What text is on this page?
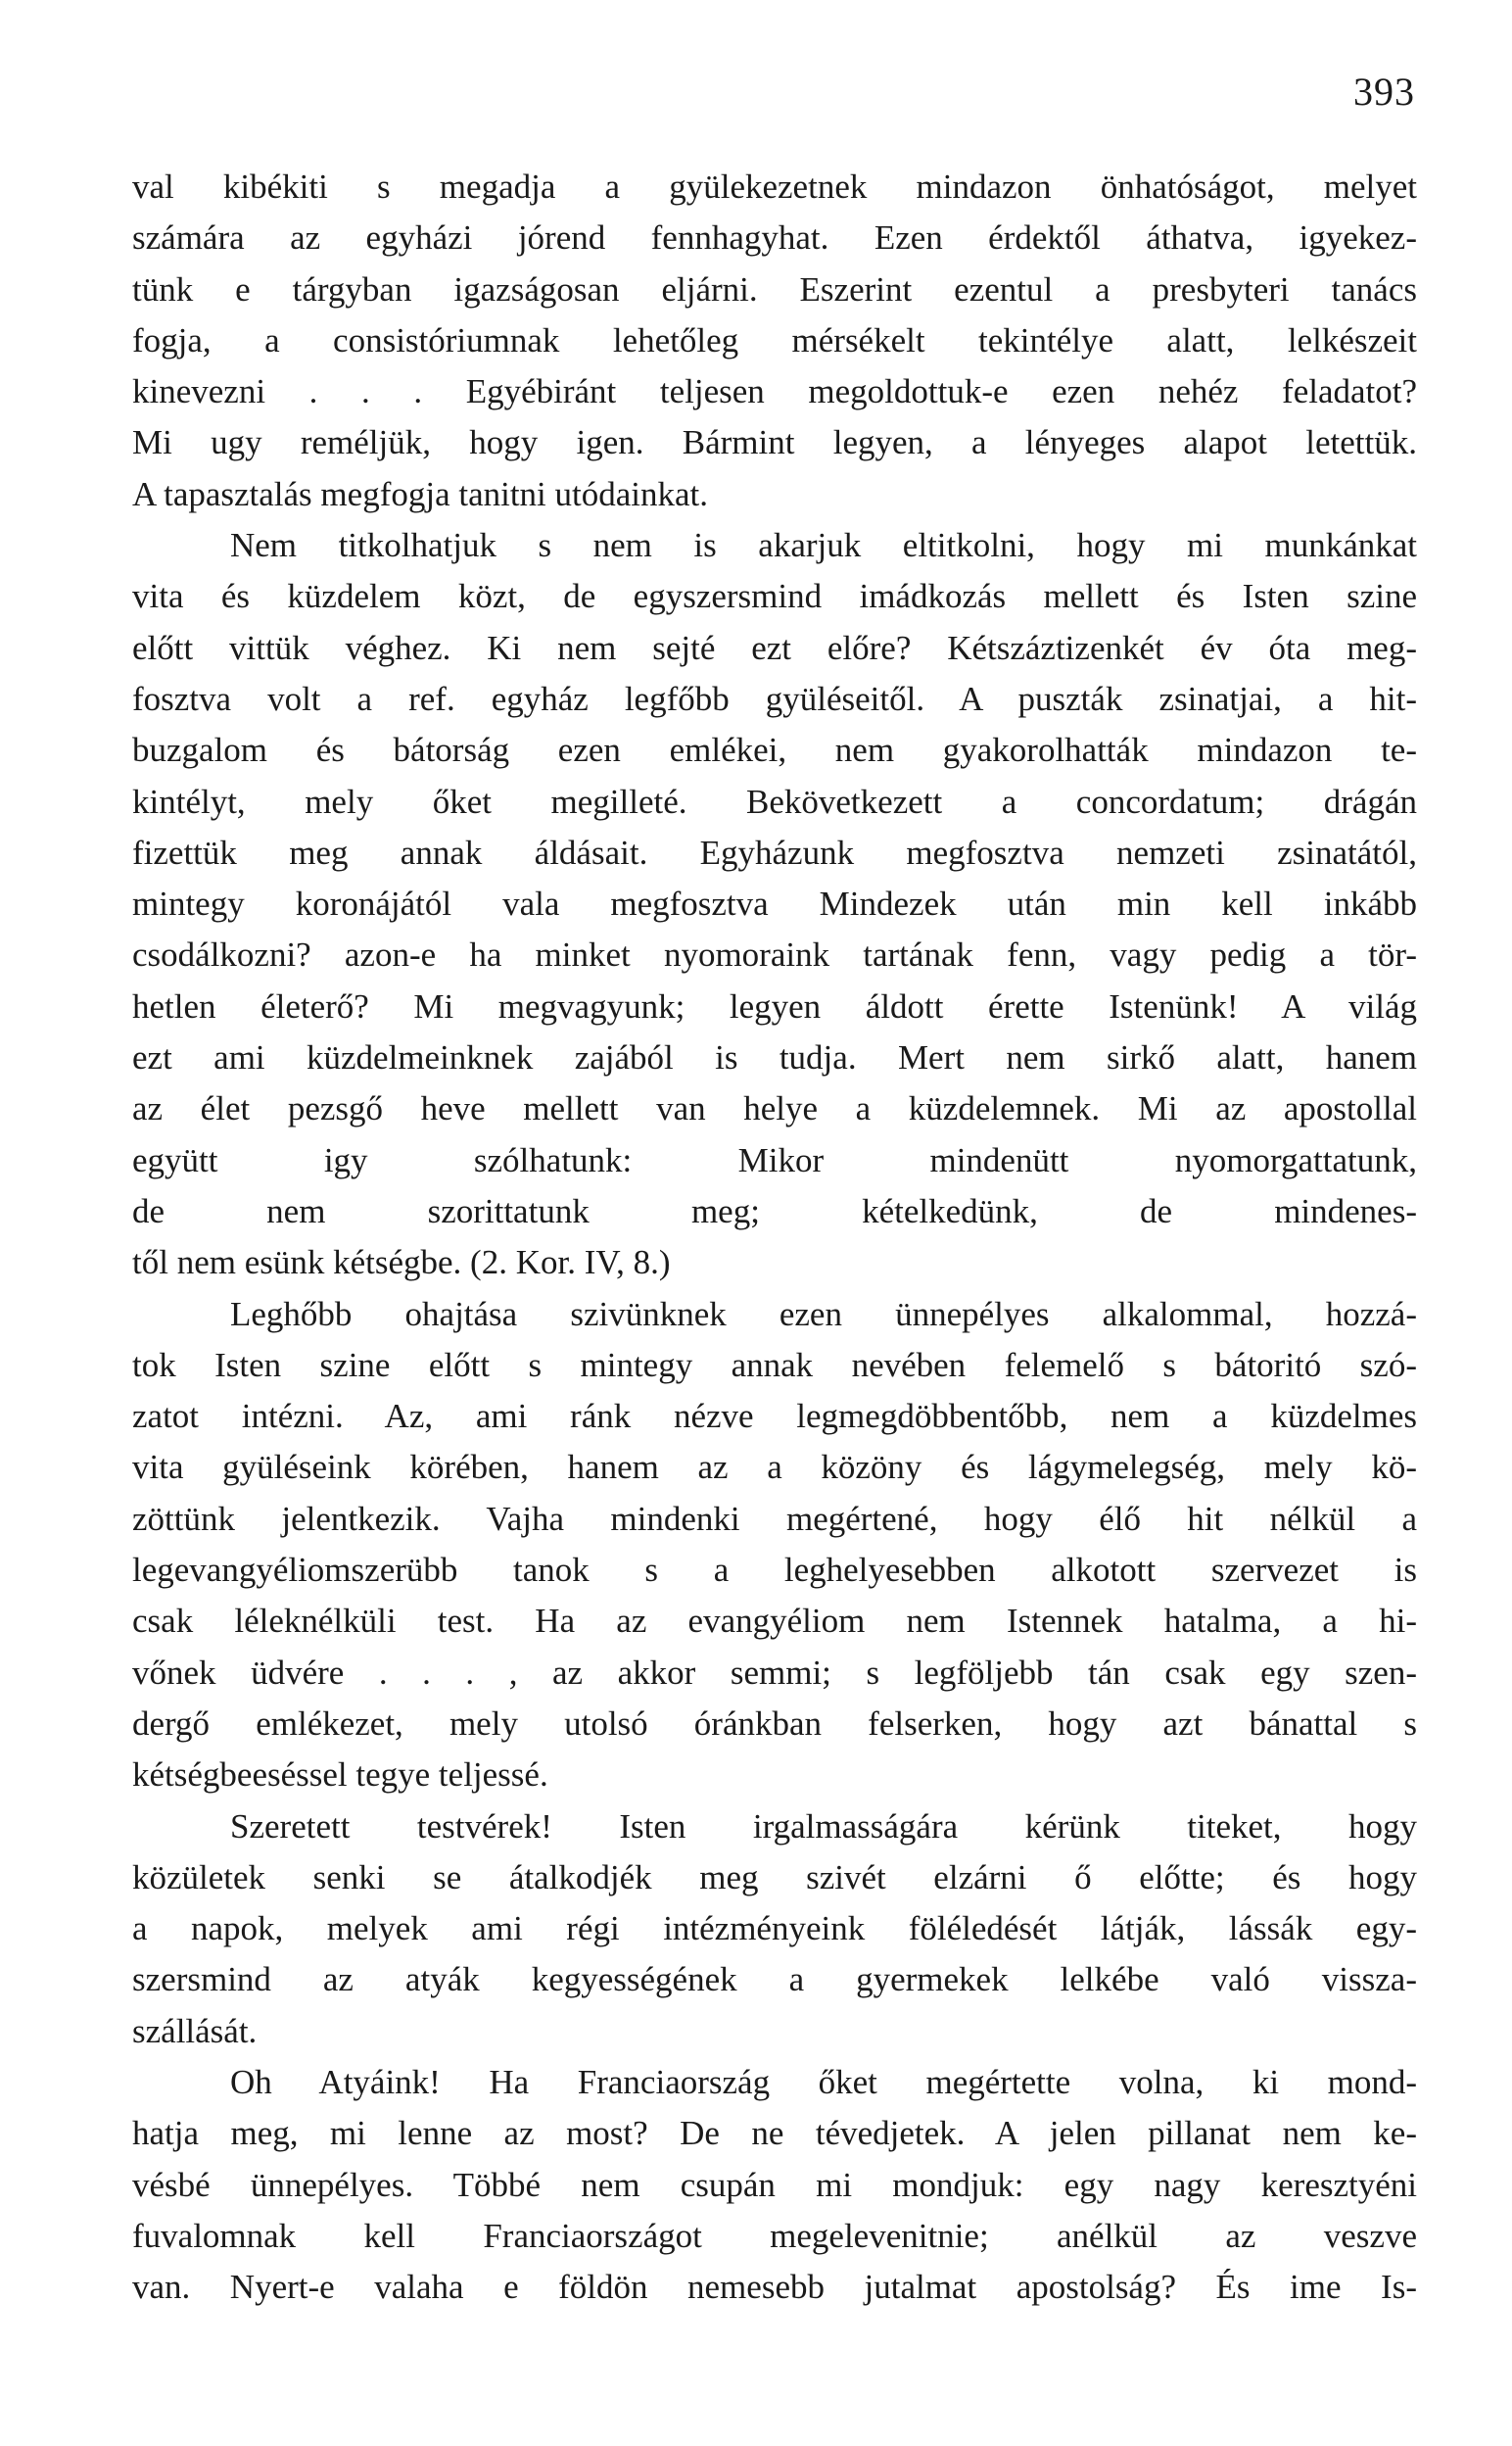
393
val kibékiti s megadja a gyülekezetnek mindazon önhatóságot, melyet
számára az egyházi jórend fennhagyhat. Ezen érdektől áthatva, igyekez-
tünk e tárgyban igazságosan eljárni. Eszerint ezentul a presbyteri tanács
fogja, a consistóriumnak lehetőleg mérsékelt tekintélye alatt, lelkészeit
kinevezni . . . Egyébiránt teljesen megoldottuk-e ezen nehéz feladatot?
Mi ugy reméljük, hogy igen. Bármint legyen, a lényeges alapot letettük.
A tapasztalás megfogja tanitni utódainkat.
Nem titkolhatjuk s nem is akarjuk eltitkolni, hogy mi munkánkat
vita és küzdelem közt, de egyszersmind imádkozás mellett és Isten szine
előtt vittük véghez. Ki nem sejté ezt előre? Kétszáztizenkét év óta meg-
fosztva volt a ref. egyház legfőbb gyüléseitől. A puszták zsinatjai, a hit-
buzgalom és bátorság ezen emlékei, nem gyakorolhatták mindazon te-
kintélyt, mely őket megilleté. Bekövetkezett a concordatum; drágán
fizettük meg annak áldásait. Egyházunk megfosztva nemzeti zsinatától,
mintegy koronájától vala megfosztva Mindezek után min kell inkább
csodálkozni? azon-e ha minket nyomoraink tartának fenn, vagy pedig a tör-
hetlen életerő? Mi megvagyunk; legyen áldott érette Istenünk! A világ
ezt ami küzdelmeinknek zajából is tudja. Mert nem sirkő alatt, hanem
az élet pezsgő heve mellett van helye a küzdelemnek. Mi az apostollal
együtt igy szólhatunk: Mikor mindenütt nyomorgattatunk,
de nem szorittatunk meg; kételkedünk, de mindenes-
től nem esünk kétségbe. (2. Kor. IV, 8.)
Leghőbb ohajtása szivünknek ezen ünnepélyes alkalommal, hozzá-
tok Isten szine előtt s mintegy annak nevében felemelő s bátoritó szó-
zatot intézni. Az, ami ránk nézve legmegdöbbentőbb, nem a küzdelmes
vita gyüléseink körében, hanem az a közöny és lágymelegség, mely kö-
zöttünk jelentkezik. Vajha mindenki megértené, hogy élő hit nélkül a
legevangyéliomszerübb tanok s a leghelyesebben alkotott szervezet is
csak léleknélküli test. Ha az evangyéliom nem Istennek hatalma, a hi-
vőnek üdvére . . . , az akkor semmi; s legföljebb tán csak egy szen-
dergő emlékezet, mely utolsó óránkban felserken, hogy azt bánattal s
kétségbeeséssel tegye teljessé.
Szeretett testvérek! Isten irgalmasságára kérünk titeket, hogy
közületek senki se átalkodjék meg szivét elzárni ő előtte; és hogy
a napok, melyek ami régi intézményeink föléledését látják, lássák egy-
szersmind az atyák kegyességének a gyermekek lelkébe való vissza-
szállását.
Oh Atyáink! Ha Franciaország őket megértette volna, ki mond-
hatja meg, mi lenne az most? De ne tévedjetek. A jelen pillanat nem ke-
vésbé ünnepélyes. Többé nem csupán mi mondjuk: egy nagy keresztyéni
fuvalomnak kell Franciaországot megelevenitnie; anélkül az veszve
van. Nyert-e valaha e földön nemesebb jutalmat apostolság? És ime Is-
